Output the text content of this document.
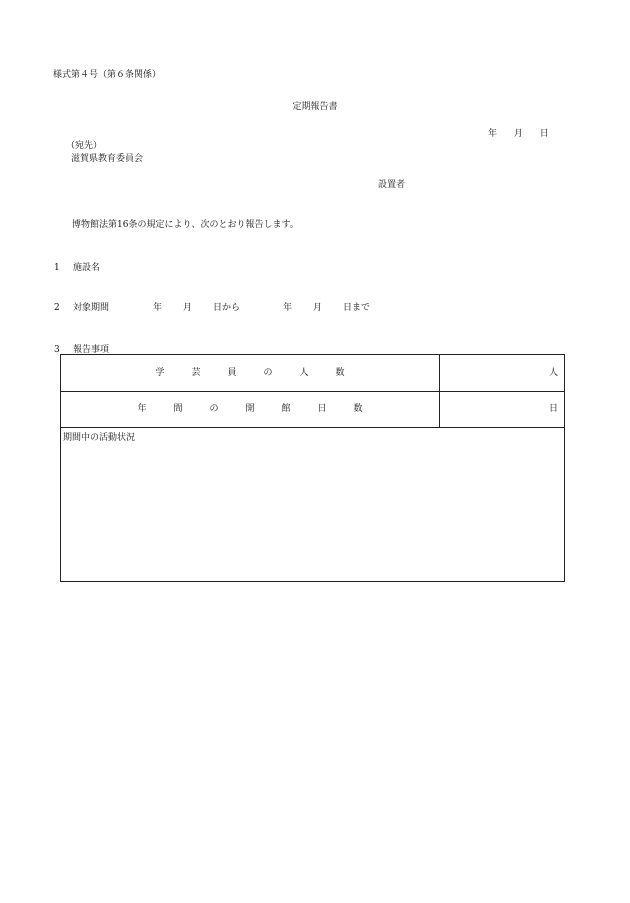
様式第４号（第６条関係）
定期報告書
年 月 日
（宛先）
滋賀県教育委員会
設置者
博物館法第16条の規定により、次のとおり報告します。
1 施設名
2 対象期間	年 月 日から	年 月 日まで
3 報告事項
学芸員の人数	人
年間の開館日数	日
期間中の活動状況
